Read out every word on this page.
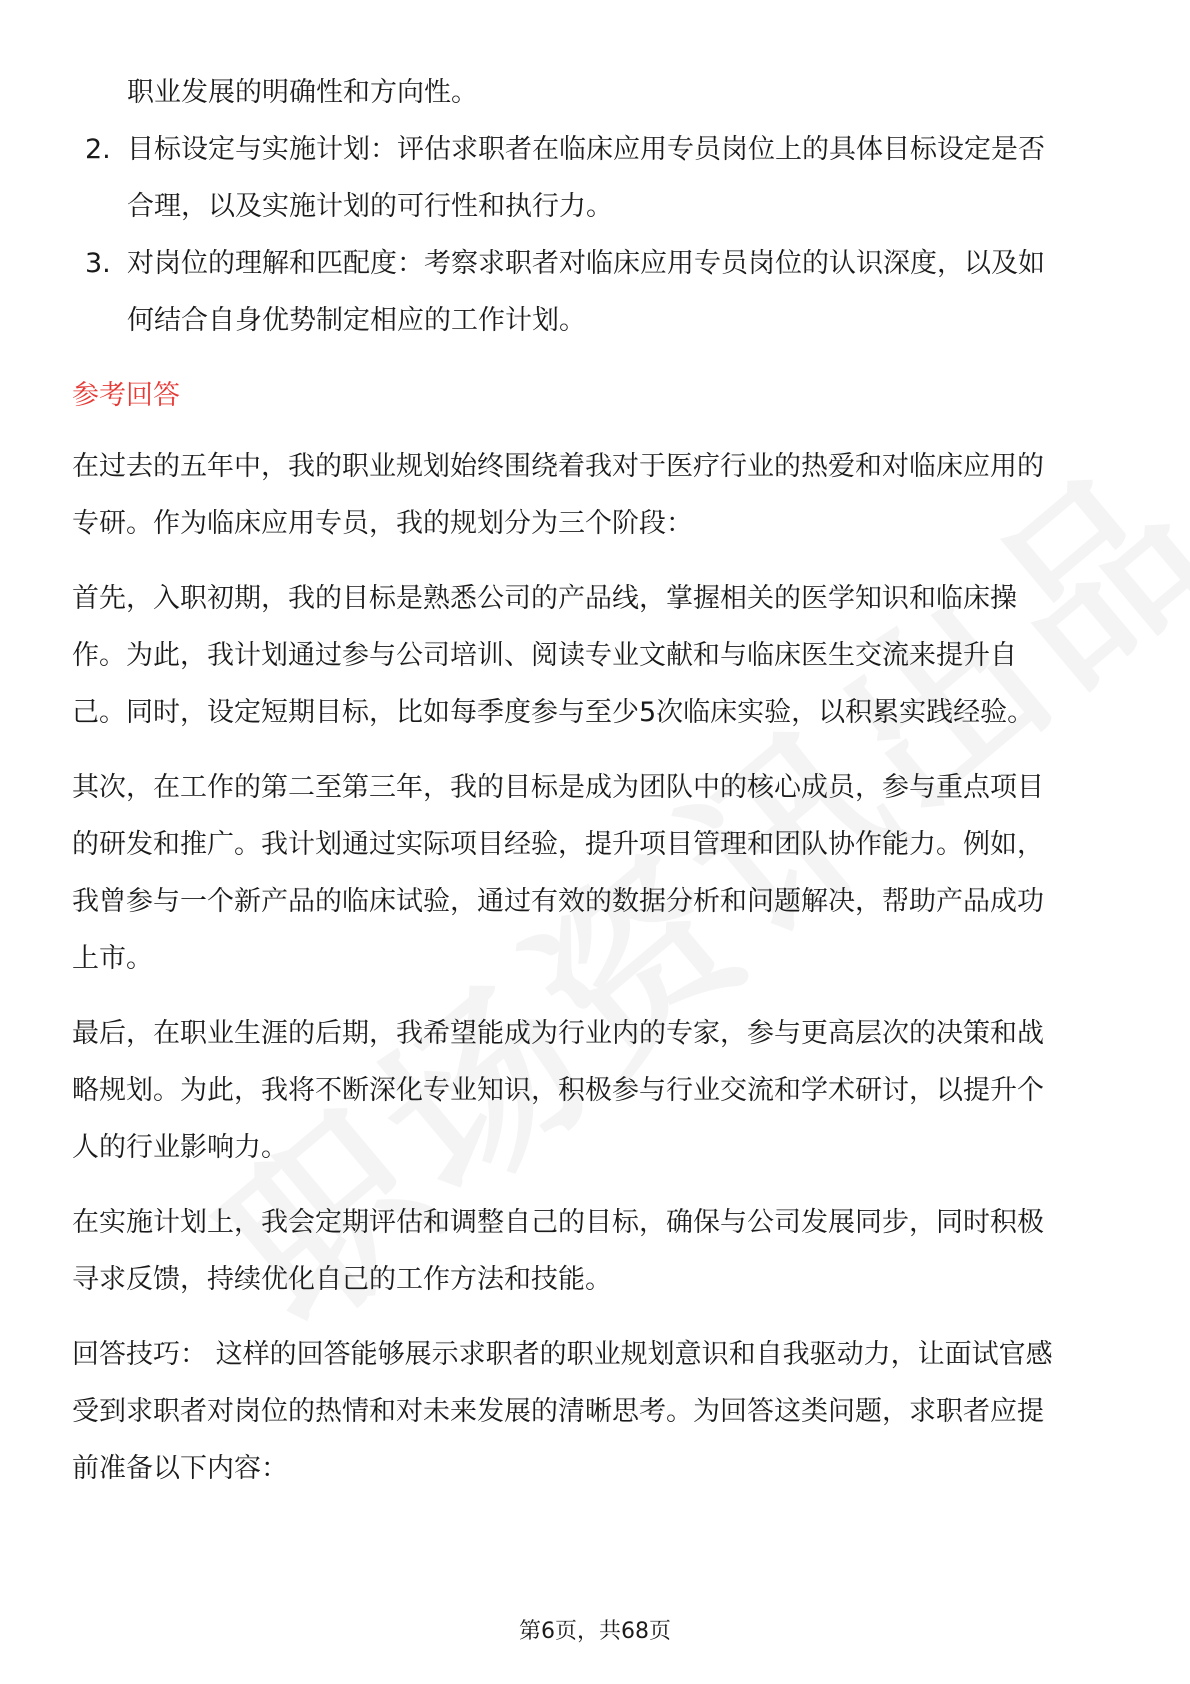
职业发展的明确性和方向性。
2. 目标设定与实施计划：评估求职者在临床应用专员岗位上的具体目标设定是否
合理，以及实施计划的可行性和执行力。
3. 对岗位的理解和匹配度：考察求职者对临床应用专员岗位的认识深度，以及如
何结合自身优势制定相应的工作计划。
参考回答
在过去的五年中，我的职业规划始终围绕着我对于医疗行业的热爱和对临床应用的
专研。作为临床应用专员，我的规划分为三个阶段：
首先，入职初期，我的目标是熟悉公司的产品线，掌握相关的医学知识和临床操
作。为此，我计划通过参与公司培训、阅读专业文献和与临床医生交流来提升自
己。同时，设定短期目标，比如每季度参与至少5次临床实验，以积累实践经验。
其次，在工作的第二至第三年，我的目标是成为团队中的核心成员，参与重点项目
的研发和推广。我计划通过实际项目经验，提升项目管理和团队协作能力。例如，
我曾参与一个新产品的临床试验，通过有效的数据分析和问题解决，帮助产品成功
上市。
最后，在职业生涯的后期，我希望能成为行业内的专家，参与更高层次的决策和战
略规划。为此，我将不断深化专业知识，积极参与行业交流和学术研讨，以提升个
人的行业影响力。
在实施计划上，我会定期评估和调整自己的目标，确保与公司发展同步，同时积极
寻求反馈，持续优化自己的工作方法和技能。
回答技巧： 这样的回答能够展示求职者的职业规划意识和自我驱动力，让面试官感
受到求职者对岗位的热情和对未来发展的清晰思考。为回答这类问题，求职者应提
前准备以下内容：
第6页，共68页
